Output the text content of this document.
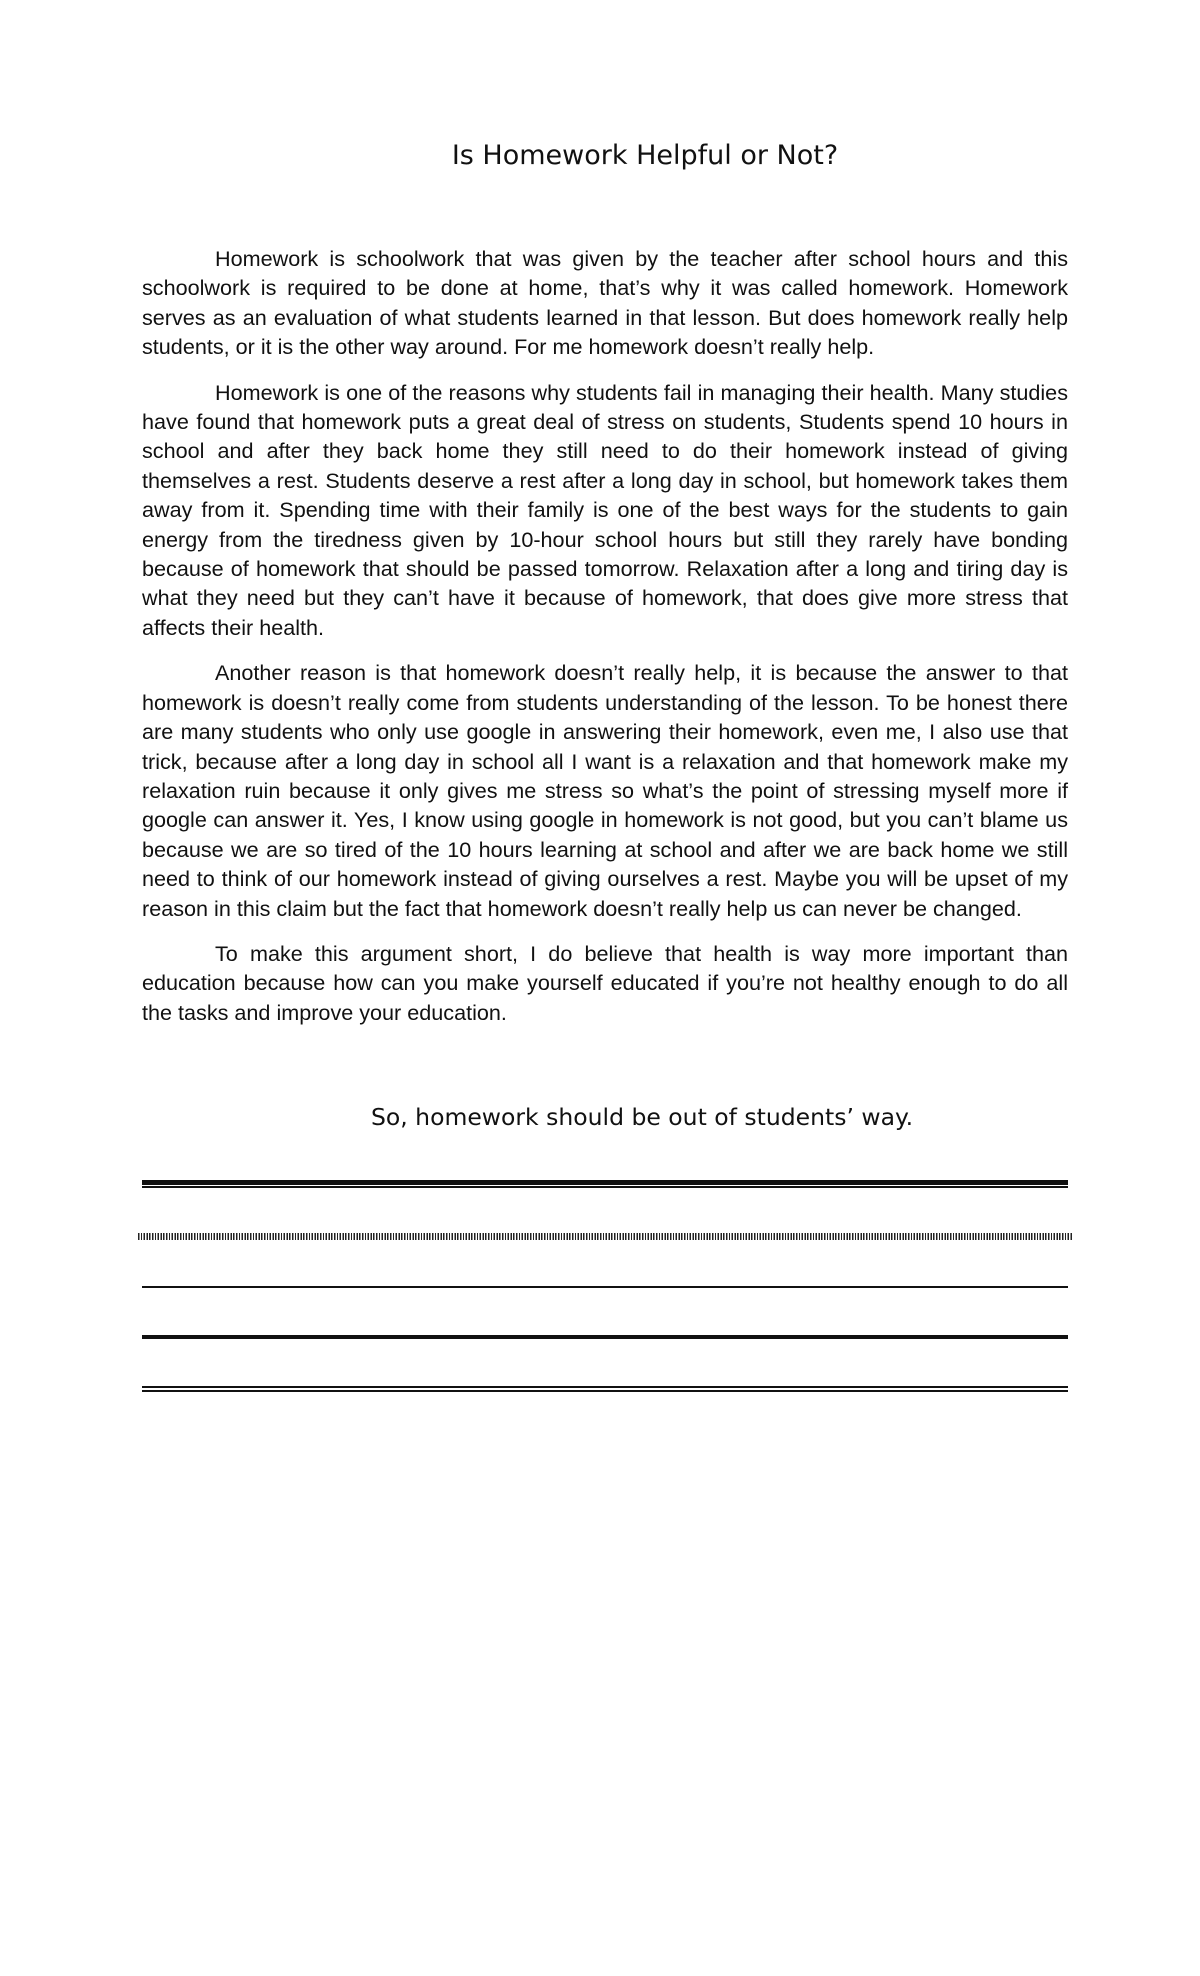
Is Homework Helpful or Not?

Homework is schoolwork that was given by the teacher after school hours and this schoolwork is required to be done at home, that’s why it was called homework. Homework serves as an evaluation of what students learned in that lesson. But does homework really help students, or it is the other way around. For me homework doesn’t really help.

Homework is one of the reasons why students fail in managing their health. Many studies have found that homework puts a great deal of stress on students, Students spend 10 hours in school and after they back home they still need to do their homework instead of giving themselves a rest. Students deserve a rest after a long day in school, but homework takes them away from it. Spending time with their family is one of the best ways for the students to gain energy from the tiredness given by 10-hour school hours but still they rarely have bonding because of homework that should be passed tomorrow. Relaxation after a long and tiring day is what they need but they can’t have it because of homework, that does give more stress that affects their health.

Another reason is that homework doesn’t really help, it is because the answer to that homework is doesn’t really come from students understanding of the lesson. To be honest there are many students who only use google in answering their homework, even me, I also use that trick, because after a long day in school all I want is a relaxation and that homework make my relaxation ruin because it only gives me stress so what’s the point of stressing myself more if google can answer it. Yes, I know using google in homework is not good, but you can’t blame us because we are so tired of the 10 hours learning at school and after we are back home we still need to think of our homework instead of giving ourselves a rest. Maybe you will be upset of my reason in this claim but the fact that homework doesn’t really help us can never be changed.

To make this argument short, I do believe that health is way more important than education because how can you make yourself educated if you’re not healthy enough to do all the tasks and improve your education.

So, homework should be out of students’ way.
